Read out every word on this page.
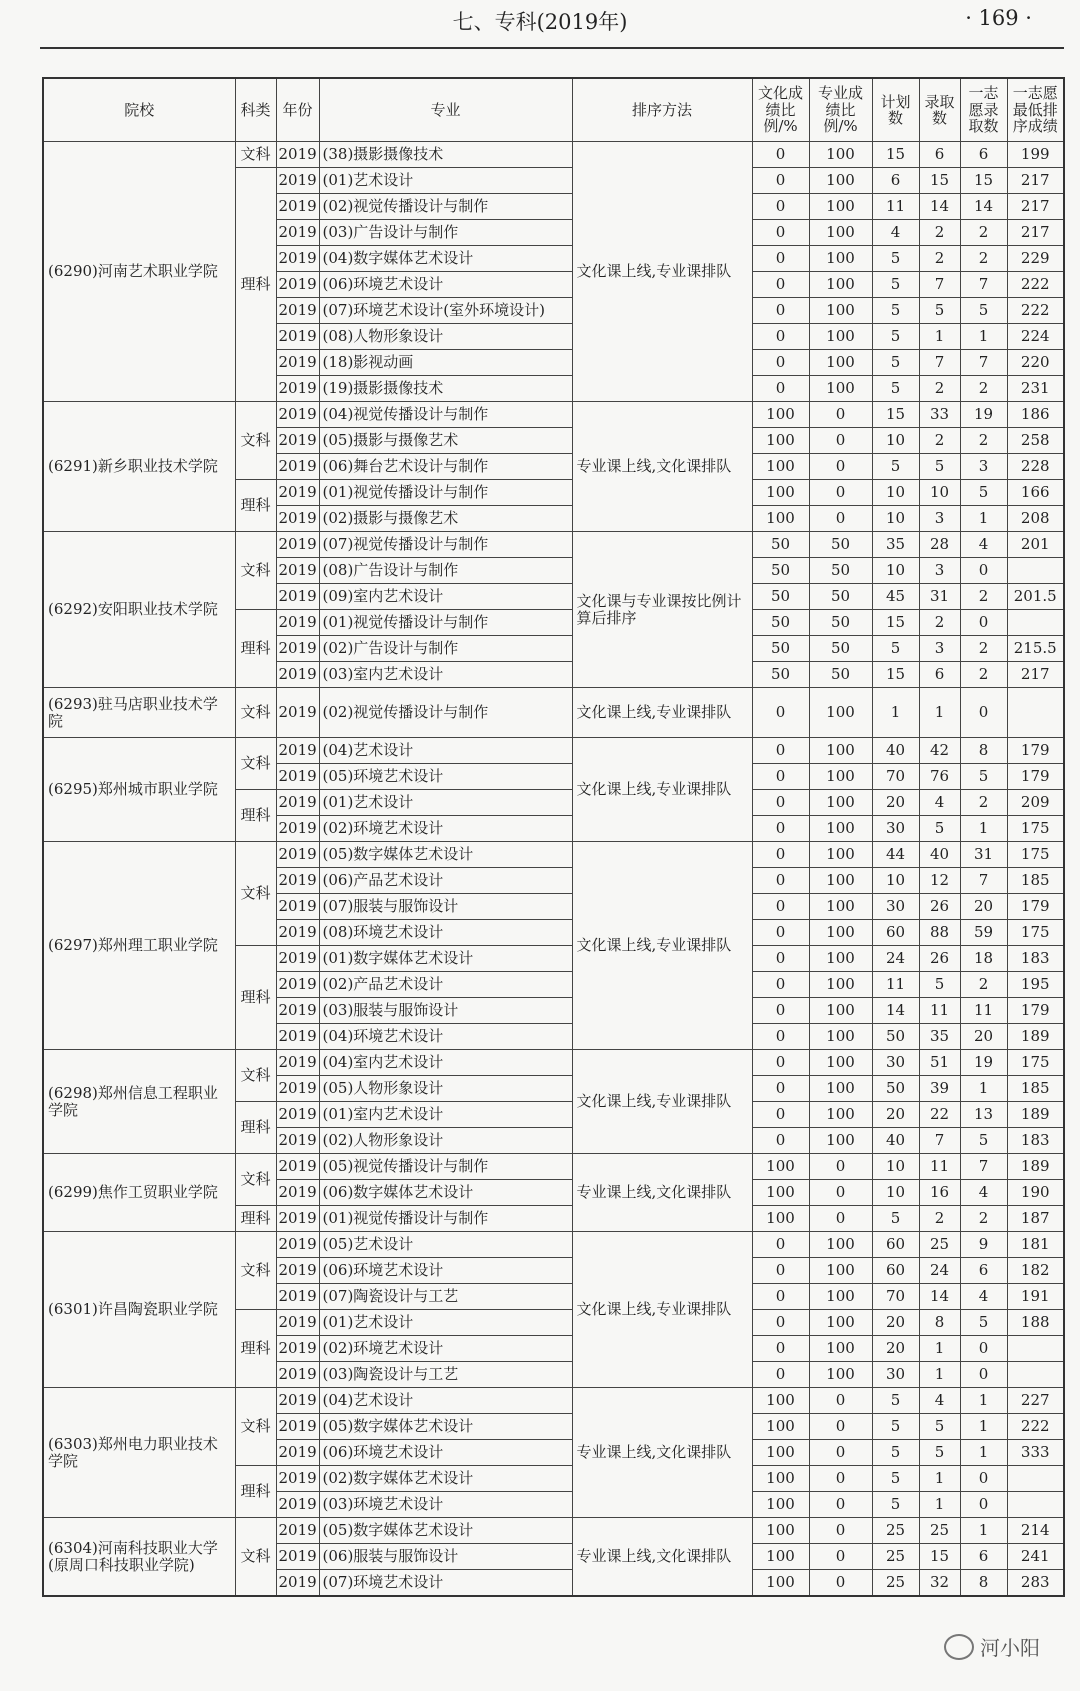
七、专科(2019年)	· 169 ·
院校	科类	年份	专业	排序方法	文化成绩比例/%	专业成绩比例/%	计划数	录取数	一志愿录取数	一志愿最低排序成绩
(6290)河南艺术职业学院	文科	2019	(38)摄影摄像技术	文化课上线,专业课排队	0	100	15	6	6	199
	理科	2019	(01)艺术设计		0	100	6	15	15	217
		2019	(02)视觉传播设计与制作		0	100	11	14	14	217
		2019	(03)广告设计与制作		0	100	4	2	2	217
		2019	(04)数字媒体艺术设计		0	100	5	2	2	229
		2019	(06)环境艺术设计		0	100	5	7	7	222
		2019	(07)环境艺术设计(室外环境设计)		0	100	5	5	5	222
		2019	(08)人物形象设计		0	100	5	1	1	224
		2019	(18)影视动画		0	100	5	7	7	220
		2019	(19)摄影摄像技术		0	100	5	2	2	231
(6291)新乡职业技术学院	文科	2019	(04)视觉传播设计与制作	专业课上线,文化课排队	100	0	15	33	19	186
		2019	(05)摄影与摄像艺术		100	0	10	2	2	258
		2019	(06)舞台艺术设计与制作		100	0	5	5	3	228
	理科	2019	(01)视觉传播设计与制作		100	0	10	10	5	166
		2019	(02)摄影与摄像艺术		100	0	10	3	1	208
(6292)安阳职业技术学院	文科	2019	(07)视觉传播设计与制作	文化课与专业课按比例计算后排序	50	50	35	28	4	201
		2019	(08)广告设计与制作		50	50	10	3	0	
		2019	(09)室内艺术设计		50	50	45	31	2	201.5
	理科	2019	(01)视觉传播设计与制作		50	50	15	2	0	
		2019	(02)广告设计与制作		50	50	5	3	2	215.5
		2019	(03)室内艺术设计		50	50	15	6	2	217
(6293)驻马店职业技术学院	文科	2019	(02)视觉传播设计与制作	文化课上线,专业课排队	0	100	1	1	0	
(6295)郑州城市职业学院	文科	2019	(04)艺术设计	文化课上线,专业课排队	0	100	40	42	8	179
		2019	(05)环境艺术设计		0	100	70	76	5	179
	理科	2019	(01)艺术设计		0	100	20	4	2	209
		2019	(02)环境艺术设计		0	100	30	5	1	175
(6297)郑州理工职业学院	文科	2019	(05)数字媒体艺术设计	文化课上线,专业课排队	0	100	44	40	31	175
		2019	(06)产品艺术设计		0	100	10	12	7	185
		2019	(07)服装与服饰设计		0	100	30	26	20	179
		2019	(08)环境艺术设计		0	100	60	88	59	175
	理科	2019	(01)数字媒体艺术设计		0	100	24	26	18	183
		2019	(02)产品艺术设计		0	100	11	5	2	195
		2019	(03)服装与服饰设计		0	100	14	11	11	179
		2019	(04)环境艺术设计		0	100	50	35	20	189
(6298)郑州信息工程职业学院	文科	2019	(04)室内艺术设计	文化课上线,专业课排队	0	100	30	51	19	175
		2019	(05)人物形象设计		0	100	50	39	1	185
	理科	2019	(01)室内艺术设计		0	100	20	22	13	189
		2019	(02)人物形象设计		0	100	40	7	5	183
(6299)焦作工贸职业学院	文科	2019	(05)视觉传播设计与制作	专业课上线,文化课排队	100	0	10	11	7	189
		2019	(06)数字媒体艺术设计		100	0	10	16	4	190
	理科	2019	(01)视觉传播设计与制作		100	0	5	2	2	187
(6301)许昌陶瓷职业学院	文科	2019	(05)艺术设计	文化课上线,专业课排队	0	100	60	25	9	181
		2019	(06)环境艺术设计		0	100	60	24	6	182
		2019	(07)陶瓷设计与工艺		0	100	70	14	4	191
	理科	2019	(01)艺术设计		0	100	20	8	5	188
		2019	(02)环境艺术设计		0	100	20	1	0	
		2019	(03)陶瓷设计与工艺		0	100	30	1	0	
(6303)郑州电力职业技术学院	文科	2019	(04)艺术设计	专业课上线,文化课排队	100	0	5	4	1	227
		2019	(05)数字媒体艺术设计		100	0	5	5	1	222
		2019	(06)环境艺术设计		100	0	5	5	1	333
	理科	2019	(02)数字媒体艺术设计		100	0	5	1	0	
		2019	(03)环境艺术设计		100	0	5	1	0	
(6304)河南科技职业大学(原周口科技职业学院)	文科	2019	(05)数字媒体艺术设计	专业课上线,文化课排队	100	0	25	25	1	214
		2019	(06)服装与服饰设计		100	0	25	15	6	241
		2019	(07)环境艺术设计		100	0	25	32	8	283
河小阳
